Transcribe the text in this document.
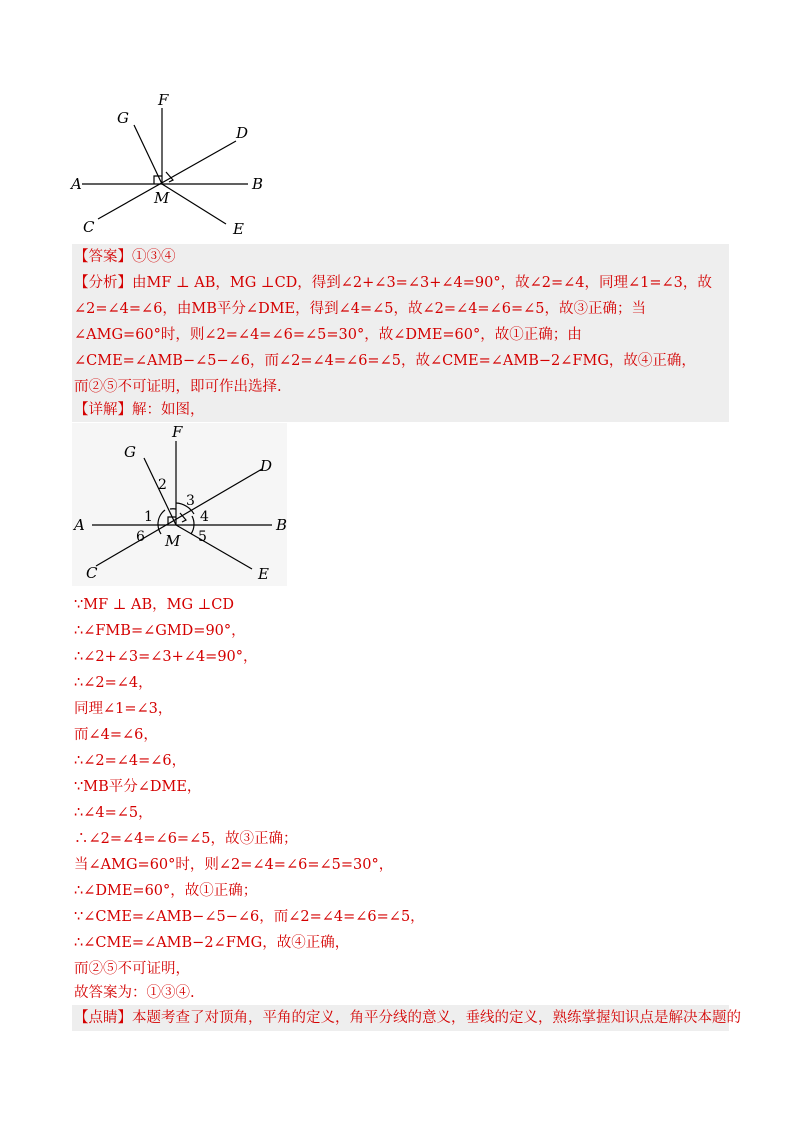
F
G
D
A	B
M
C	E
【答案】①③④
【分析】由MF ⊥ AB，MG ⊥CD，得到∠2+∠3=∠3+∠4=90°，故∠2=∠4，同理∠1=∠3，故
∠2=∠4=∠6，由MB平分∠DME，得到∠4=∠5，故∠2=∠4=∠6=∠5，故③正确；当
∠AMG=60°时，则∠2=∠4=∠6=∠5=30°，故∠DME=60°，故①正确；由
∠CME=∠AMB−∠5−∠6，而∠2=∠4=∠6=∠5，故∠CME=∠AMB−2∠FMG，故④正确，
而②⑤不可证明，即可作出选择.
【详解】解：如图，
F
G
D
A	B
M
C	E
1
2
3
4
5
6
∵MF ⊥ AB，MG ⊥CD
∴∠FMB=∠GMD=90°，
∴∠2+∠3=∠3+∠4=90°，
∴∠2=∠4，
同理∠1=∠3，
而∠4=∠6，
∴∠2=∠4=∠6，
∵MB平分∠DME，
∴∠4=∠5，
∴∠2=∠4=∠6=∠5，故③正确；
当∠AMG=60°时，则∠2=∠4=∠6=∠5=30°，
∴∠DME=60°，故①正确；
∵∠CME=∠AMB−∠5−∠6，而∠2=∠4=∠6=∠5，
∴∠CME=∠AMB−2∠FMG，故④正确，
而②⑤不可证明，
故答案为：①③④.
【点睛】本题考查了对顶角，平角的定义，角平分线的意义，垂线的定义，熟练掌握知识点是解决本题的
